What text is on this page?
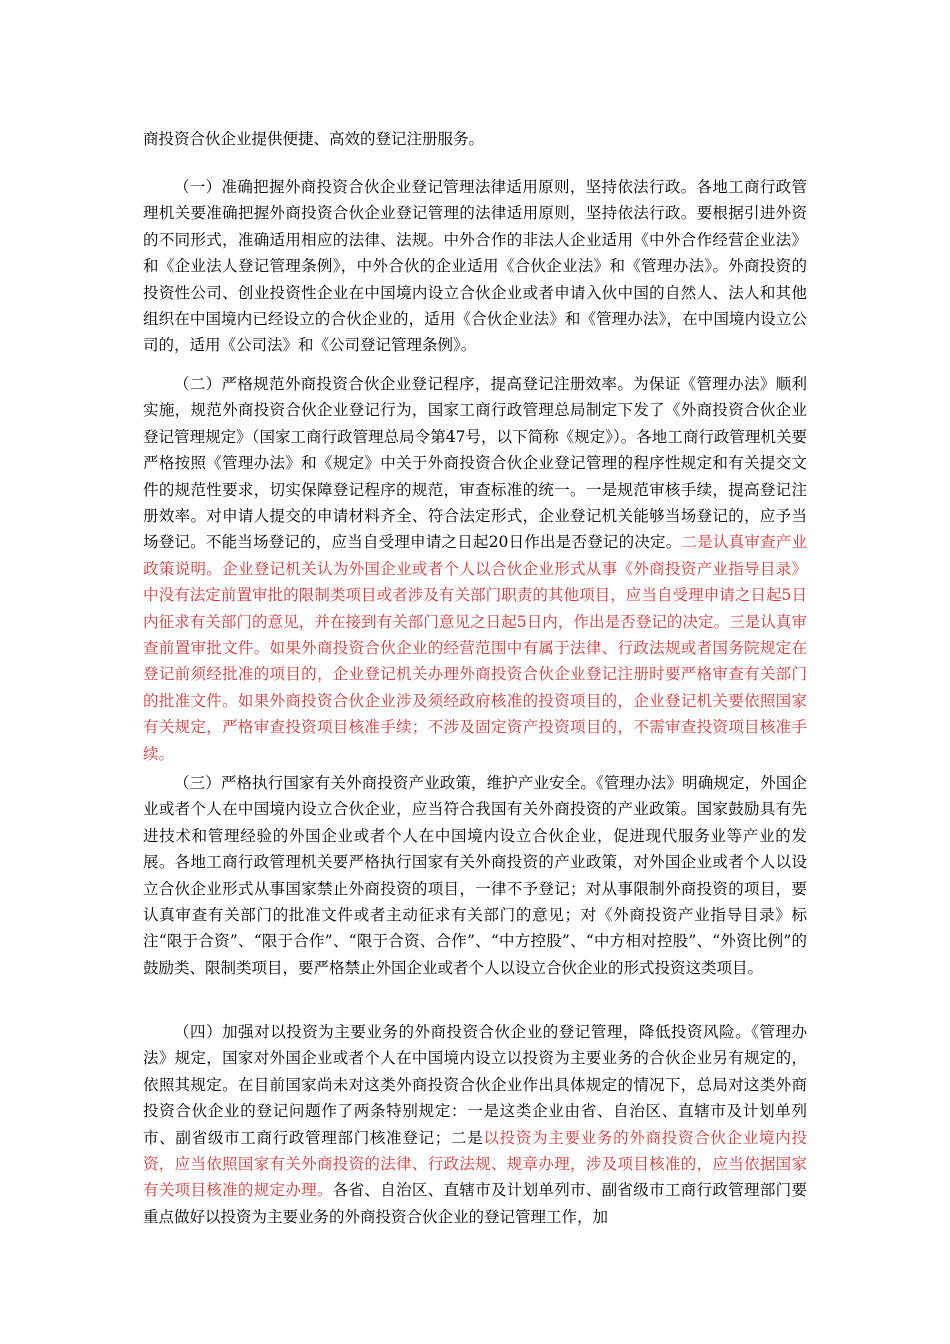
商投资合伙企业提供便捷、高效的登记注册服务。

（一）准确把握外商投资合伙企业登记管理法律适用原则，坚持依法行政。各地工商行政管理机关要准确把握外商投资合伙企业登记管理的法律适用原则，坚持依法行政。要根据引进外资的不同形式，准确适用相应的法律、法规。中外合作的非法人企业适用《中外合作经营企业法》和《企业法人登记管理条例》，中外合伙的企业适用《合伙企业法》和《管理办法》。外商投资的投资性公司、创业投资性企业在中国境内设立合伙企业或者申请入伙中国的自然人、法人和其他组织在中国境内已经设立的合伙企业的，适用《合伙企业法》和《管理办法》，在中国境内设立公司的，适用《公司法》和《公司登记管理条例》。

（二）严格规范外商投资合伙企业登记程序，提高登记注册效率。为保证《管理办法》顺利实施，规范外商投资合伙企业登记行为，国家工商行政管理总局制定下发了《外商投资合伙企业登记管理规定》（国家工商行政管理总局令第47号，以下简称《规定》）。各地工商行政管理机关要严格按照《管理办法》和《规定》中关于外商投资合伙企业登记管理的程序性规定和有关提交文件的规范性要求，切实保障登记程序的规范，审查标准的统一。一是规范审核手续，提高登记注册效率。对申请人提交的申请材料齐全、符合法定形式，企业登记机关能够当场登记的，应予当场登记。不能当场登记的，应当自受理申请之日起20日作出是否登记的决定。二是认真审查产业政策说明。企业登记机关认为外国企业或者个人以合伙企业形式从事《外商投资产业指导目录》中没有法定前置审批的限制类项目或者涉及有关部门职责的其他项目，应当自受理申请之日起5日内征求有关部门的意见，并在接到有关部门意见之日起5日内，作出是否登记的决定。三是认真审查前置审批文件。如果外商投资合伙企业的经营范围中有属于法律、行政法规或者国务院规定在登记前须经批准的项目的，企业登记机关办理外商投资合伙企业登记注册时要严格审查有关部门的批准文件。如果外商投资合伙企业涉及须经政府核准的投资项目的，企业登记机关要依照国家有关规定，严格审查投资项目核准手续；不涉及固定资产投资项目的，不需审查投资项目核准手续。

（三）严格执行国家有关外商投资产业政策，维护产业安全。《管理办法》明确规定，外国企业或者个人在中国境内设立合伙企业，应当符合我国有关外商投资的产业政策。国家鼓励具有先进技术和管理经验的外国企业或者个人在中国境内设立合伙企业，促进现代服务业等产业的发展。各地工商行政管理机关要严格执行国家有关外商投资的产业政策，对外国企业或者个人以设立合伙企业形式从事国家禁止外商投资的项目，一律不予登记；对从事限制外商投资的项目，要认真审查有关部门的批准文件或者主动征求有关部门的意见；对《外商投资产业指导目录》标注“限于合资”、“限于合作”、“限于合资、合作”、“中方控股”、“中方相对控股”、“外资比例”的鼓励类、限制类项目，要严格禁止外国企业或者个人以设立合伙企业的形式投资这类项目。

（四）加强对以投资为主要业务的外商投资合伙企业的登记管理，降低投资风险。《管理办法》规定，国家对外国企业或者个人在中国境内设立以投资为主要业务的合伙企业另有规定的，依照其规定。在目前国家尚未对这类外商投资合伙企业作出具体规定的情况下，总局对这类外商投资合伙企业的登记问题作了两条特别规定：一是这类企业由省、自治区、直辖市及计划单列市、副省级市工商行政管理部门核准登记；二是以投资为主要业务的外商投资合伙企业境内投资，应当依照国家有关外商投资的法律、行政法规、规章办理，涉及项目核准的，应当依据国家有关项目核准的规定办理。各省、自治区、直辖市及计划单列市、副省级市工商行政管理部门要重点做好以投资为主要业务的外商投资合伙企业的登记管理工作，加
